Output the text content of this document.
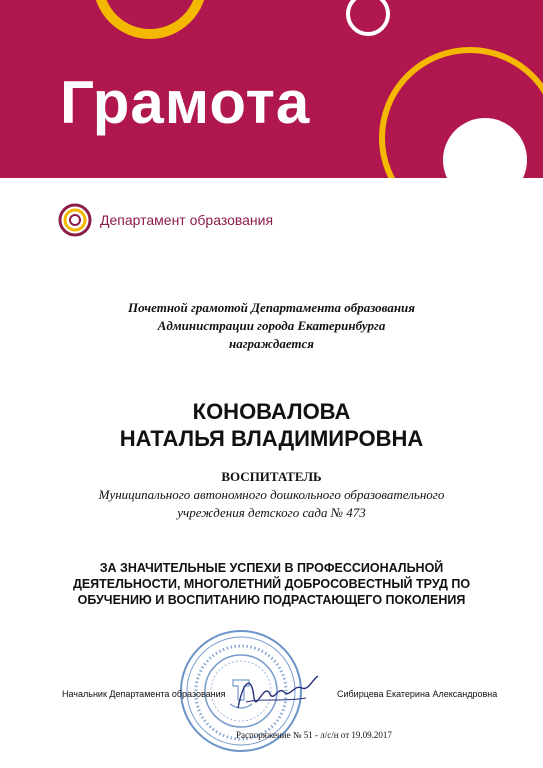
Грамота
Департамент образования
Почетной грамотой Департамента образования
Администрации города Екатеринбурга
награждается
КОНОВАЛОВА
НАТАЛЬЯ ВЛАДИМИРОВНА
ВОСПИТАТЕЛЬ
Муниципального автономного дошкольного образовательного
учреждения детского сада № 473
ЗА ЗНАЧИТЕЛЬНЫЕ УСПЕХИ В ПРОФЕССИОНАЛЬНОЙ
ДЕЯТЕЛЬНОСТИ, МНОГОЛЕТНИЙ ДОБРОСОВЕСТНЫЙ ТРУД ПО
ОБУЧЕНИЮ И ВОСПИТАНИЮ ПОДРАСТАЮЩЕГО ПОКОЛЕНИЯ
Начальник Департамента образования	Сибирцева Екатерина Александровна
Распоряжение № 51 - л/с/н от 19.09.2017
